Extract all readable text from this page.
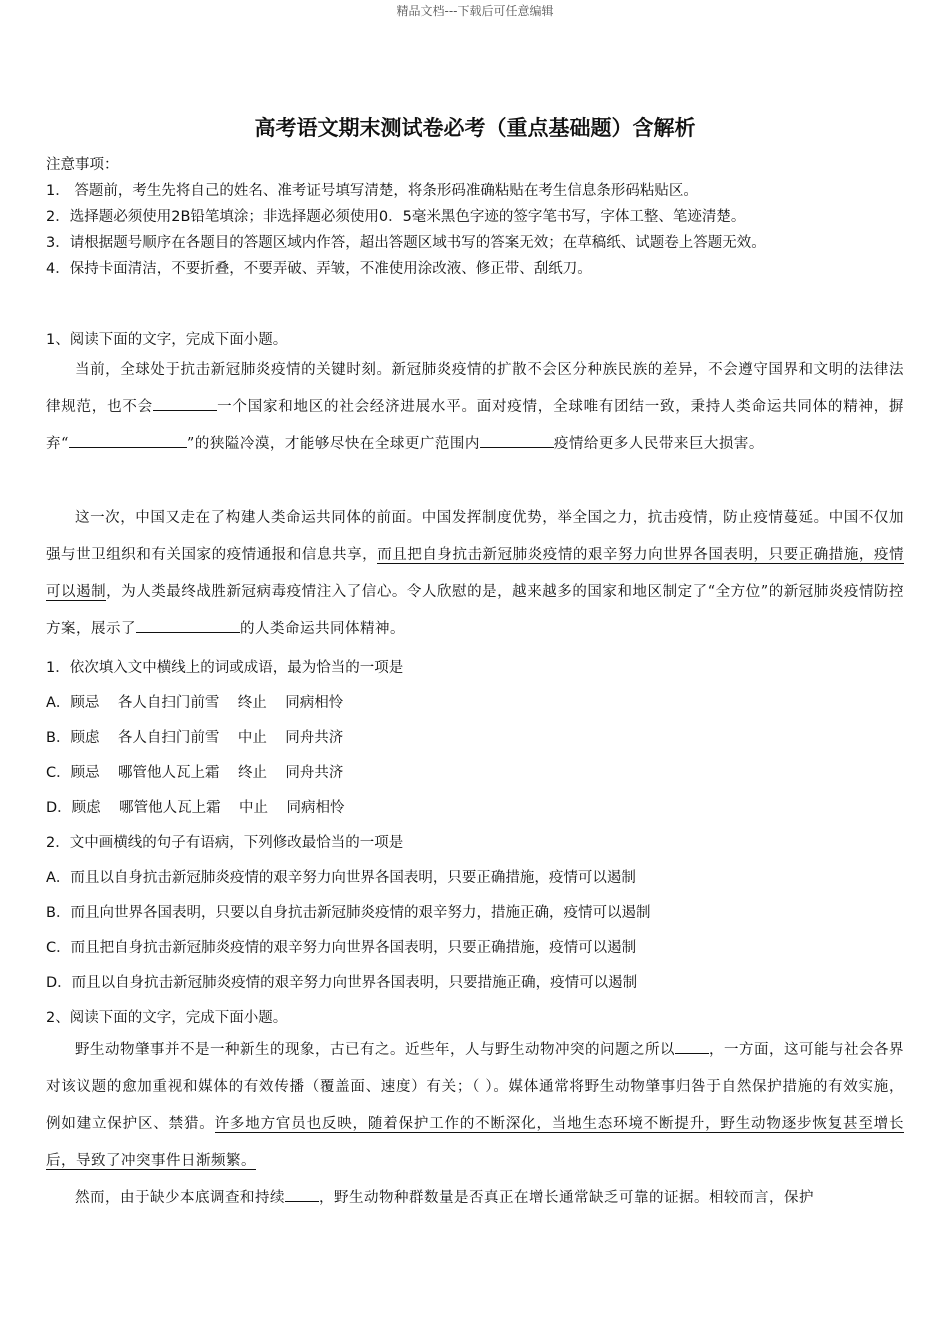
精品文档---下载后可任意编辑
高考语文期末测试卷必考（重点基础题）含解析
注意事项：
1． 答题前，考生先将自己的姓名、准考证号填写清楚，将条形码准确粘贴在考生信息条形码粘贴区。
2．选择题必须使用2B铅笔填涂；非选择题必须使用0．5毫米黑色字迹的签字笔书写，字体工整、笔迹清楚。
3．请根据题号顺序在各题目的答题区域内作答，超出答题区域书写的答案无效；在草稿纸、试题卷上答题无效。
4．保持卡面清洁，不要折叠，不要弄破、弄皱，不准使用涂改液、修正带、刮纸刀。
1、阅读下面的文字，完成下面小题。
当前，全球处于抗击新冠肺炎疫情的关键时刻。新冠肺炎疫情的扩散不会区分种族民族的差异，不会遵守国界和文明的法律法律规范，也不会	一个国家和地区的社会经济进展水平。面对疫情，全球唯有团结一致，秉持人类命运共同体的精神，摒弃“	”的狭隘冷漠，才能够尽快在全球更广范围内	疫情给更多人民带来巨大损害。
这一次，中国又走在了构建人类命运共同体的前面。中国发挥制度优势，举全国之力，抗击疫情，防止疫情蔓延。中国不仅加强与世卫组织和有关国家的疫情通报和信息共享，而且把自身抗击新冠肺炎疫情的艰辛努力向世界各国表明，只要正确措施，疫情可以遏制，为人类最终战胜新冠病毒疫情注入了信心。令人欣慰的是，越来越多的国家和地区制定了“全方位”的新冠肺炎疫情防控方案，展示了	的人类命运共同体精神。
1．依次填入文中横线上的词或成语，最为恰当的一项是
A．顾忌    各人自扫门前雪    终止    同病相怜
B．顾虑    各人自扫门前雪    中止    同舟共济
C．顾忌    哪管他人瓦上霜    终止    同舟共济
D．顾虑    哪管他人瓦上霜    中止    同病相怜
2．文中画横线的句子有语病，下列修改最恰当的一项是
A．而且以自身抗击新冠肺炎疫情的艰辛努力向世界各国表明，只要正确措施，疫情可以遏制
B．而且向世界各国表明，只要以自身抗击新冠肺炎疫情的艰辛努力，措施正确，疫情可以遏制
C．而且把自身抗击新冠肺炎疫情的艰辛努力向世界各国表明，只要正确措施，疫情可以遏制
D．而且以自身抗击新冠肺炎疫情的艰辛努力向世界各国表明，只要措施正确，疫情可以遏制
2、阅读下面的文字，完成下面小题。
野生动物肇事并不是一种新生的现象，古已有之。近些年，人与野生动物冲突的问题之所以 ，一方面，这可能与社会各界对该议题的愈加重视和媒体的有效传播（覆盖面、速度）有关；（ ）。媒体通常将野生动物肇事归咎于自然保护措施的有效实施，例如建立保护区、禁猎。许多地方官员也反映，随着保护工作的不断深化，当地生态环境不断提升，野生动物逐步恢复甚至增长后，导致了冲突事件日渐频繁。
然而，由于缺少本底调查和持续 ，野生动物种群数量是否真正在增长通常缺乏可靠的证据。相较而言，保护
